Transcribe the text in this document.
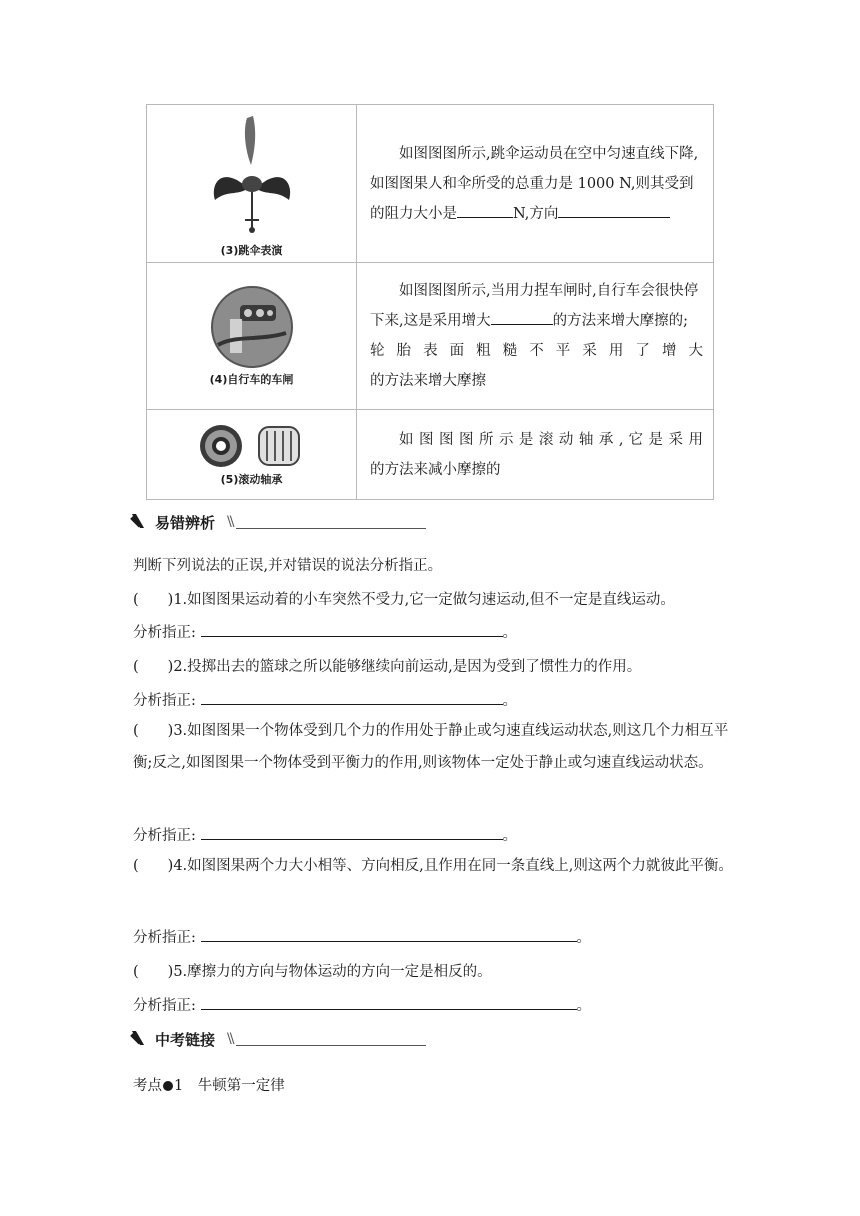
(3)跳伞表演	如图图图所示,跳伞运动员在空中匀速直线下降,如图图果人和伞所受的总重力是 1000 N,则其受到的阻力大小是 N,方向

(4)自行车的车闸	如图图图所示,当用力捏车闸时,自行车会很快停
下来,这是采用增大 的方法来增大摩擦的;
轮 胎 表 面 粗 糙 不 平 采 用 了 增 大
的方法来增大摩擦

(5)滚动轴承	如 图 图 图 所 示 是 滚 动 轴 承 , 它 是 采 用
的方法来减小摩擦的
易错辨析 \\
判断下列说法的正误,并对错误的说法分析指正。
(　　)1.如图图果运动着的小车突然不受力,它一定做匀速运动,但不一定是直线运动。
分析指正:	。
(　　)2.投掷出去的篮球之所以能够继续向前运动,是因为受到了惯性力的作用。
分析指正:	。
(　　)3.如图图果一个物体受到几个力的作用处于静止或匀速直线运动状态,则这几个力相互平衡;反之,如图图果一个物体受到平衡力的作用,则该物体一定处于静止或匀速直线运动状态。
分析指正:	。
(　　)4.如图图果两个力大小相等、方向相反,且作用在同一条直线上,则这两个力就彼此平衡。
分析指正:	。
(　　)5.摩擦力的方向与物体运动的方向一定是相反的。
分析指正:	。
中考链接 \\
考点 1　 牛顿第一定律
